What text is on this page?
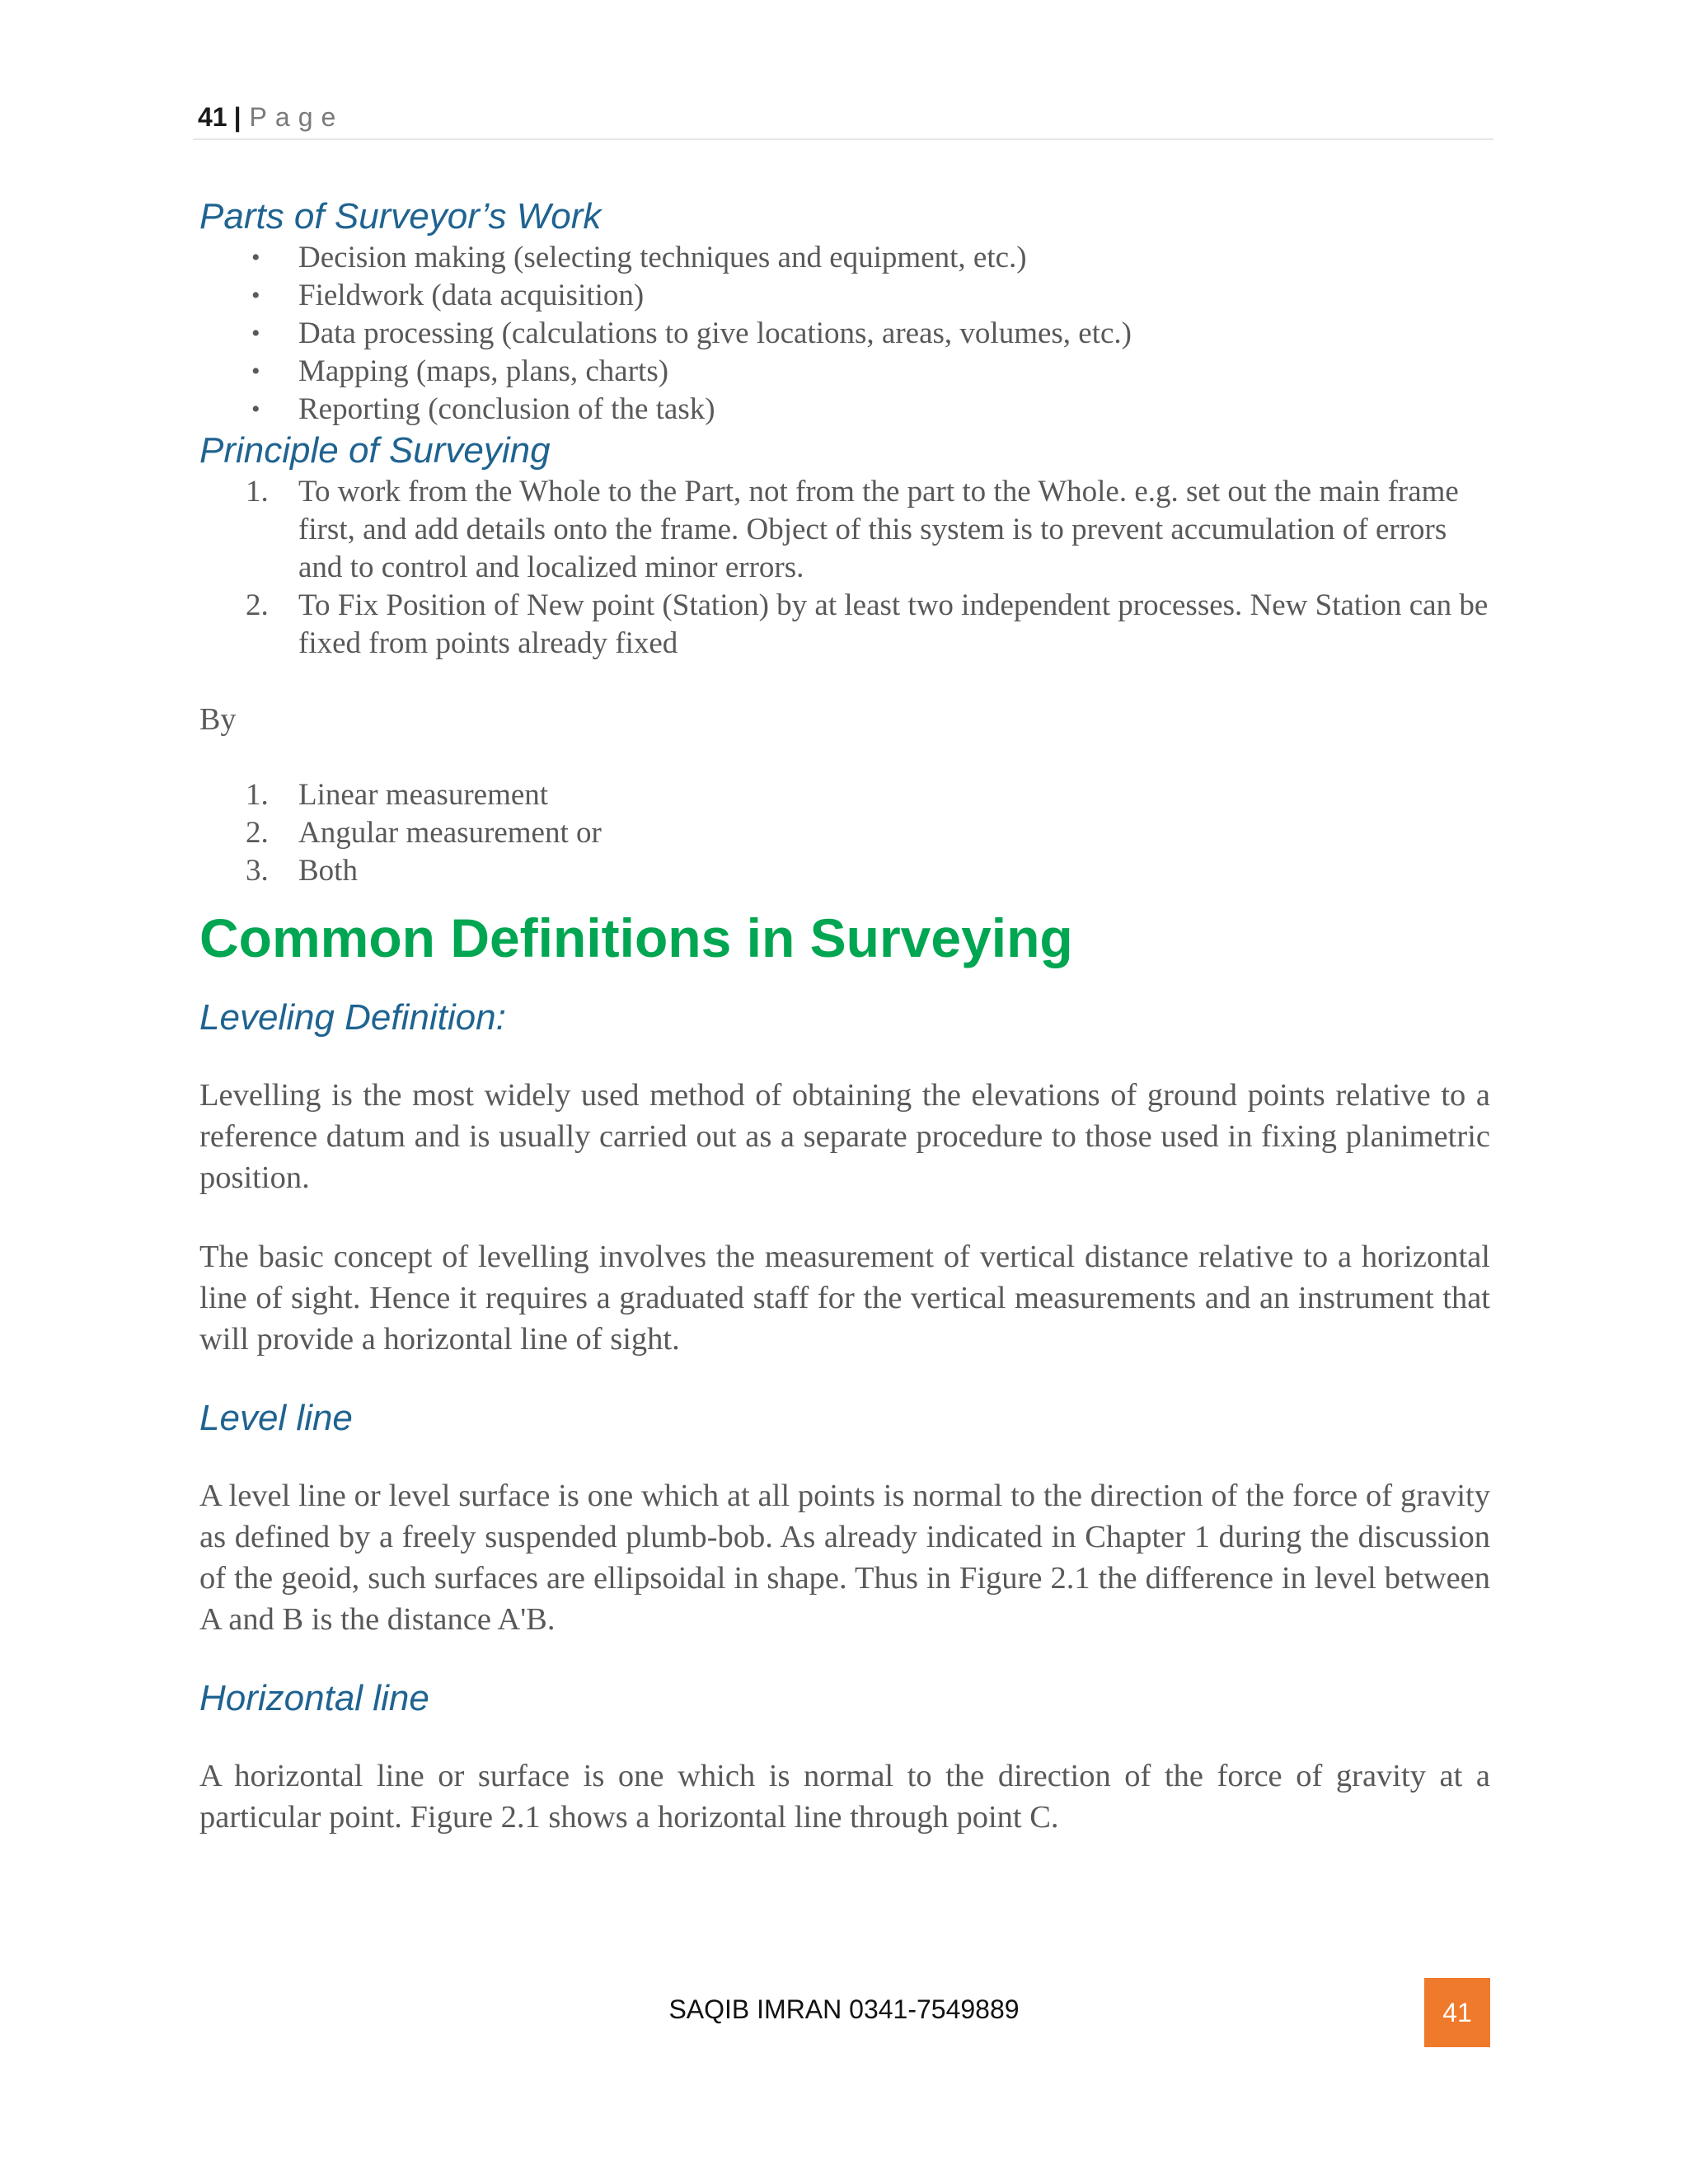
41 | Page
Parts of Surveyor’s Work
• Decision making (selecting techniques and equipment, etc.)
• Fieldwork (data acquisition)
• Data processing (calculations to give locations, areas, volumes, etc.)
• Mapping (maps, plans, charts)
• Reporting (conclusion of the task)
Principle of Surveying
1. To work from the Whole to the Part, not from the part to the Whole. e.g. set out the main frame first, and add details onto the frame. Object of this system is to prevent accumulation of errors and to control and localized minor errors.
2. To Fix Position of New point (Station) by at least two independent processes. New Station can be fixed from points already fixed

By

1. Linear measurement
2. Angular measurement or
3. Both
Common Definitions in Surveying
Leveling Definition:

Levelling is the most widely used method of obtaining the elevations of ground points relative to a reference datum and is usually carried out as a separate procedure to those used in fixing planimetric position.

The basic concept of levelling involves the measurement of vertical distance relative to a horizontal line of sight. Hence it requires a graduated staff for the vertical measurements and an instrument that will provide a horizontal line of sight.

Level line

A level line or level surface is one which at all points is normal to the direction of the force of gravity as defined by a freely suspended plumb-bob. As already indicated in Chapter 1 during the discussion of the geoid, such surfaces are ellipsoidal in shape. Thus in Figure 2.1 the difference in level between A and B is the distance A'B.

Horizontal line

A horizontal line or surface is one which is normal to the direction of the force of gravity at a particular point. Figure 2.1 shows a horizontal line through point C.

SAQIB IMRAN 0341-7549889	41
